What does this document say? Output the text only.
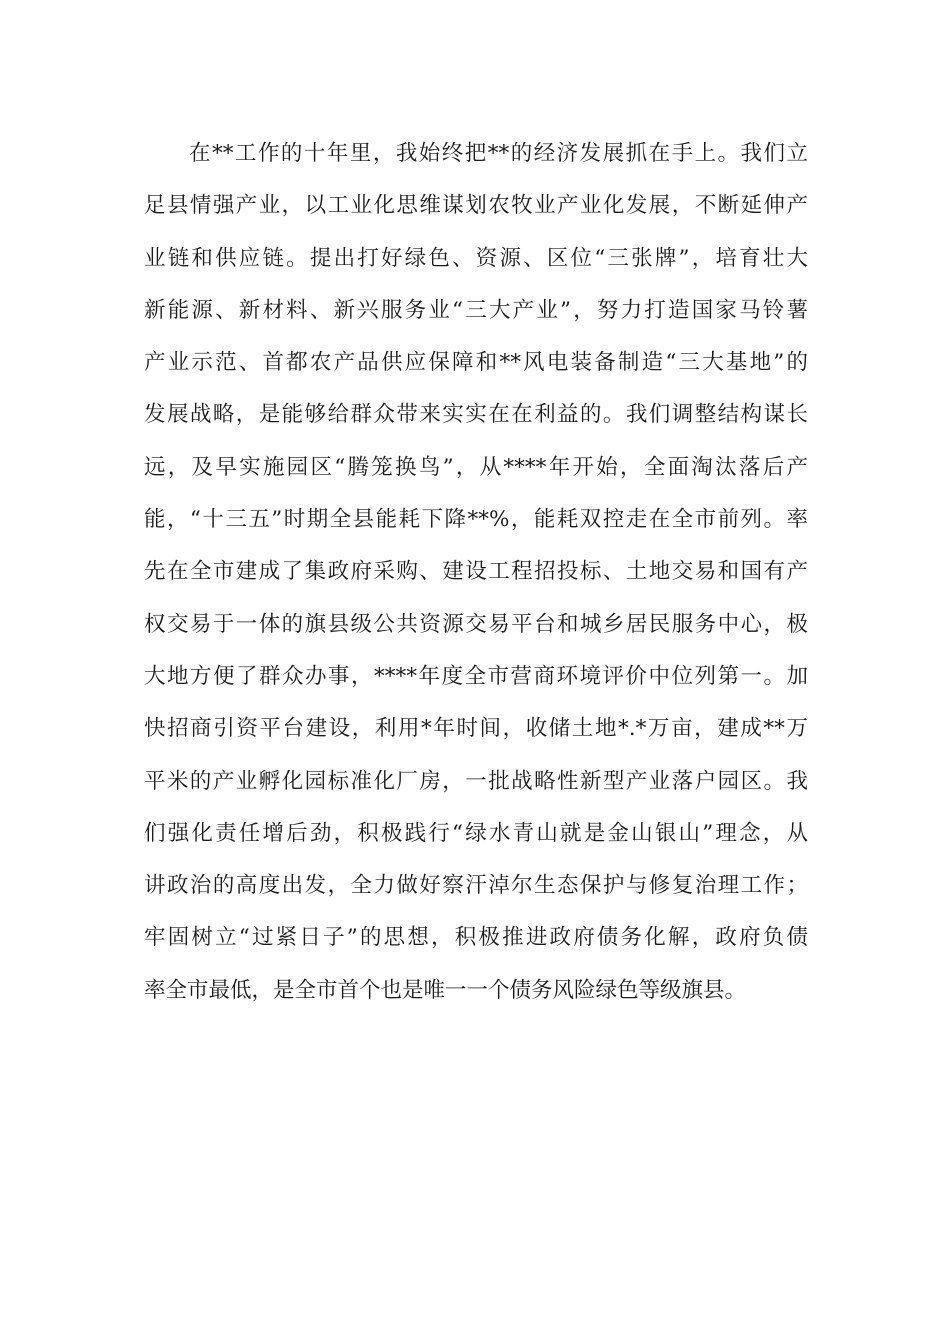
在**工作的十年里，我始终把**的经济发展抓在手上。我们立
足县情强产业，以工业化思维谋划农牧业产业化发展，不断延伸产
业链和供应链。提出打好绿色、资源、区位“三张牌”，培育壮大
新能源、新材料、新兴服务业“三大产业”，努力打造国家马铃薯
产业示范、首都农产品供应保障和**风电装备制造“三大基地”的
发展战略，是能够给群众带来实实在在利益的。我们调整结构谋长
远，及早实施园区“腾笼换鸟”，从****年开始，全面淘汰落后产
能，“十三五”时期全县能耗下降**%，能耗双控走在全市前列。率
先在全市建成了集政府采购、建设工程招投标、土地交易和国有产
权交易于一体的旗县级公共资源交易平台和城乡居民服务中心，极
大地方便了群众办事，****年度全市营商环境评价中位列第一。加
快招商引资平台建设，利用*年时间，收储土地*.*万亩，建成**万
平米的产业孵化园标准化厂房，一批战略性新型产业落户园区。我
们强化责任增后劲，积极践行“绿水青山就是金山银山”理念，从
讲政治的高度出发，全力做好察汗淖尔生态保护与修复治理工作；
牢固树立“过紧日子”的思想，积极推进政府债务化解，政府负债
率全市最低，是全市首个也是唯一一个债务风险绿色等级旗县。
